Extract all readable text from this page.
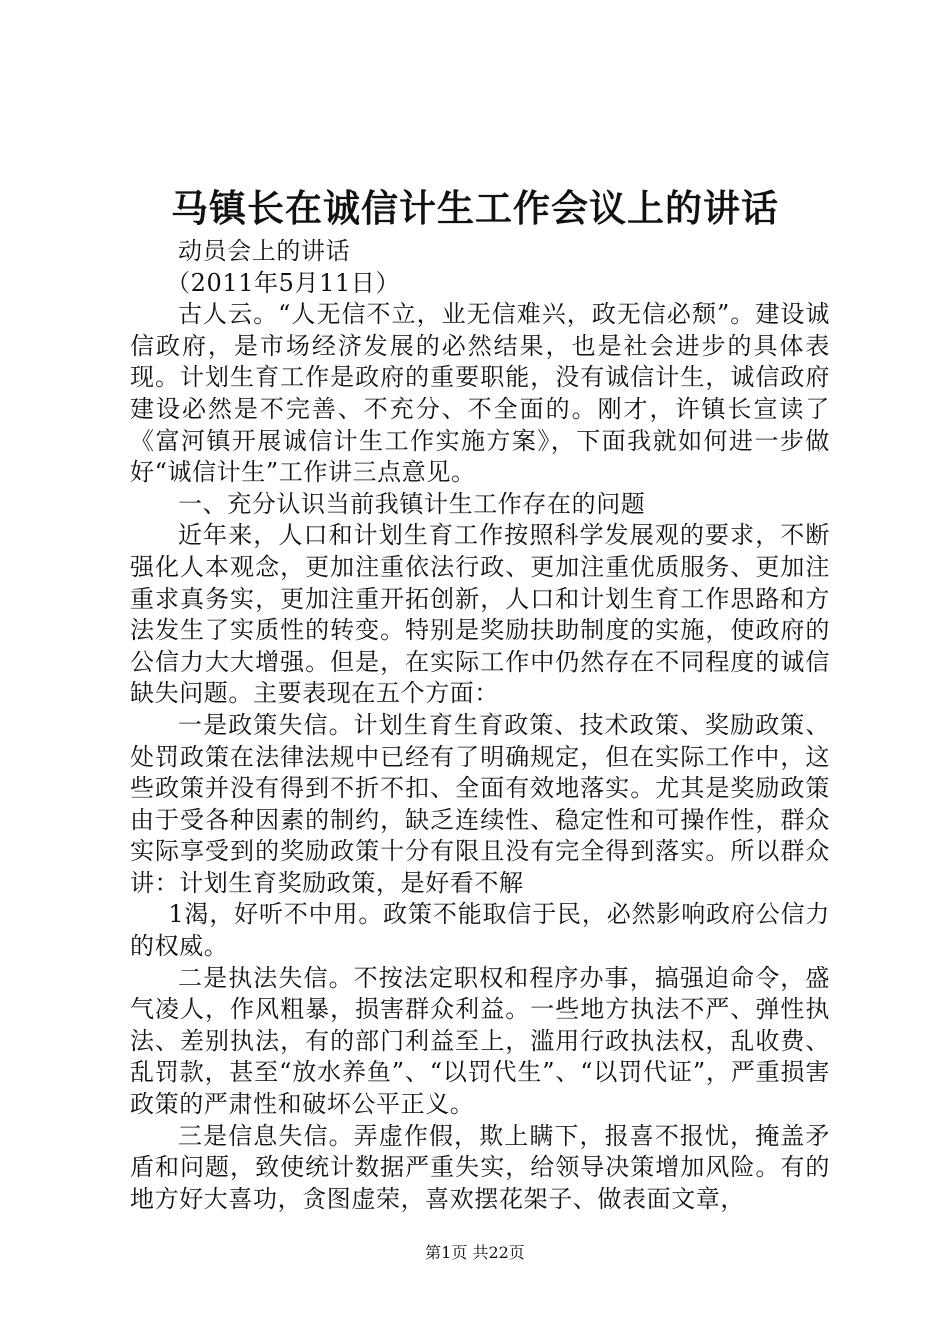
马镇长在诚信计生工作会议上的讲话

动员会上的讲话

（2011年5月11日）

古人云。“人无信不立，业无信难兴，政无信必颓”。建设诚信政府，是市场经济发展的必然结果，也是社会进步的具体表现。计划生育工作是政府的重要职能，没有诚信计生，诚信政府建设必然是不完善、不充分、不全面的。刚才，许镇长宣读了《富河镇开展诚信计生工作实施方案》，下面我就如何进一步做好“诚信计生”工作讲三点意见。

一、充分认识当前我镇计生工作存在的问题

近年来，人口和计划生育工作按照科学发展观的要求，不断强化人本观念，更加注重依法行政、更加注重优质服务、更加注重求真务实，更加注重开拓创新，人口和计划生育工作思路和方法发生了实质性的转变。特别是奖励扶助制度的实施，使政府的公信力大大增强。但是，在实际工作中仍然存在不同程度的诚信缺失问题。主要表现在五个方面：

一是政策失信。计划生育生育政策、技术政策、奖励政策、处罚政策在法律法规中已经有了明确规定，但在实际工作中，这些政策并没有得到不折不扣、全面有效地落实。尤其是奖励政策由于受各种因素的制约，缺乏连续性、稳定性和可操作性，群众实际享受到的奖励政策十分有限且没有完全得到落实。所以群众讲：计划生育奖励政策，是好看不解

1渴，好听不中用。政策不能取信于民，必然影响政府公信力的权威。

二是执法失信。不按法定职权和程序办事，搞强迫命令，盛气凌人，作风粗暴，损害群众利益。一些地方执法不严、弹性执法、差别执法，有的部门利益至上，滥用行政执法权，乱收费、乱罚款，甚至“放水养鱼”、“以罚代生”、“以罚代证”，严重损害政策的严肃性和破坏公平正义。

三是信息失信。弄虚作假，欺上瞒下，报喜不报忧，掩盖矛盾和问题，致使统计数据严重失实，给领导决策增加风险。有的地方好大喜功，贪图虚荣，喜欢摆花架子、做表面文章，

第1页 共22页
